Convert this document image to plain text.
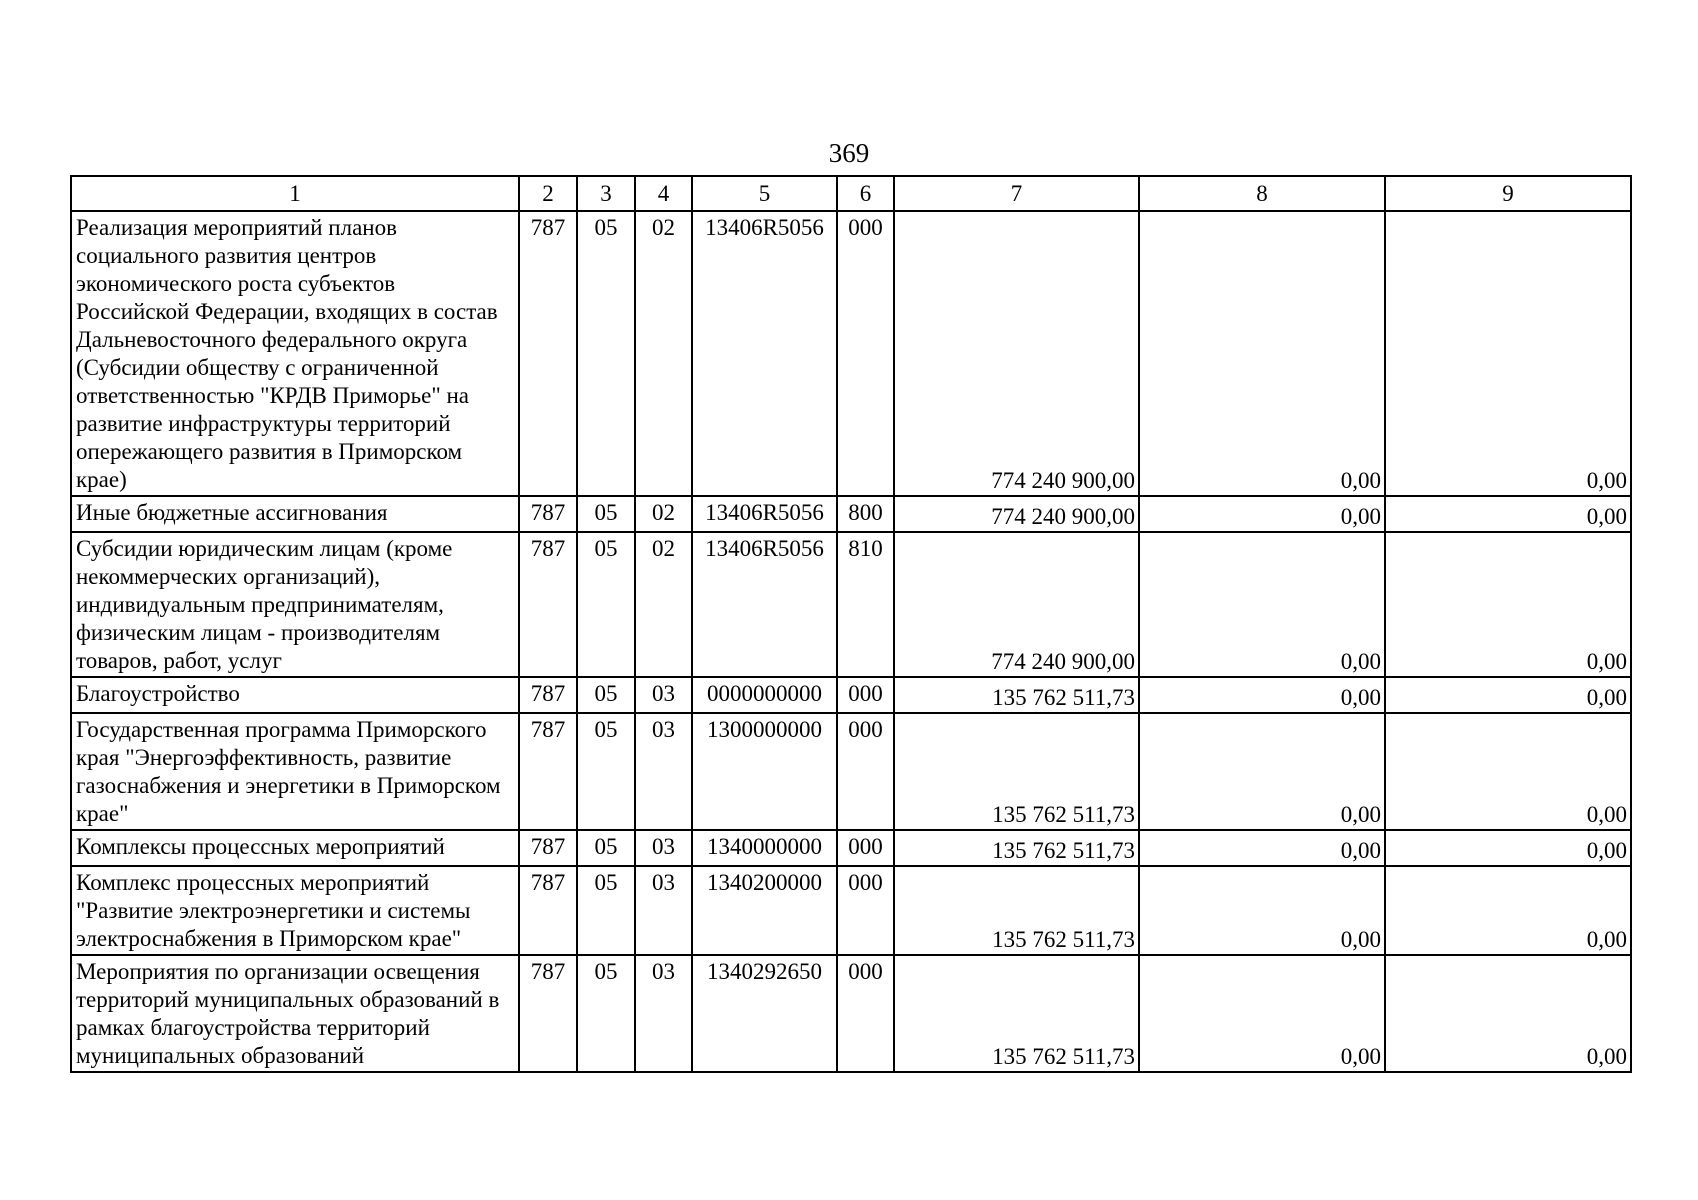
369
1	2	3	4	5	6	7	8	9
Реализация мероприятий планов социального развития центров экономического роста субъектов Российской Федерации, входящих в состав Дальневосточного федерального округа (Субсидии обществу с ограниченной ответственностью "КРДВ Приморье" на развитие инфраструктуры территорий опережающего развития в Приморском крае)	787	05	02	13406R5056	000	774 240 900,00	0,00	0,00
Иные бюджетные ассигнования	787	05	02	13406R5056	800	774 240 900,00	0,00	0,00
Субсидии юридическим лицам (кроме некоммерческих организаций), индивидуальным предпринимателям, физическим лицам - производителям товаров, работ, услуг	787	05	02	13406R5056	810	774 240 900,00	0,00	0,00
Благоустройство	787	05	03	0000000000	000	135 762 511,73	0,00	0,00
Государственная программа Приморского края "Энергоэффективность, развитие газоснабжения и энергетики в Приморском крае"	787	05	03	1300000000	000	135 762 511,73	0,00	0,00
Комплексы процессных мероприятий	787	05	03	1340000000	000	135 762 511,73	0,00	0,00
Комплекс процессных мероприятий "Развитие электроэнергетики и системы электроснабжения в Приморском крае"	787	05	03	1340200000	000	135 762 511,73	0,00	0,00
Мероприятия по организации освещения территорий муниципальных образований в рамках благоустройства территорий муниципальных образований	787	05	03	1340292650	000	135 762 511,73	0,00	0,00
